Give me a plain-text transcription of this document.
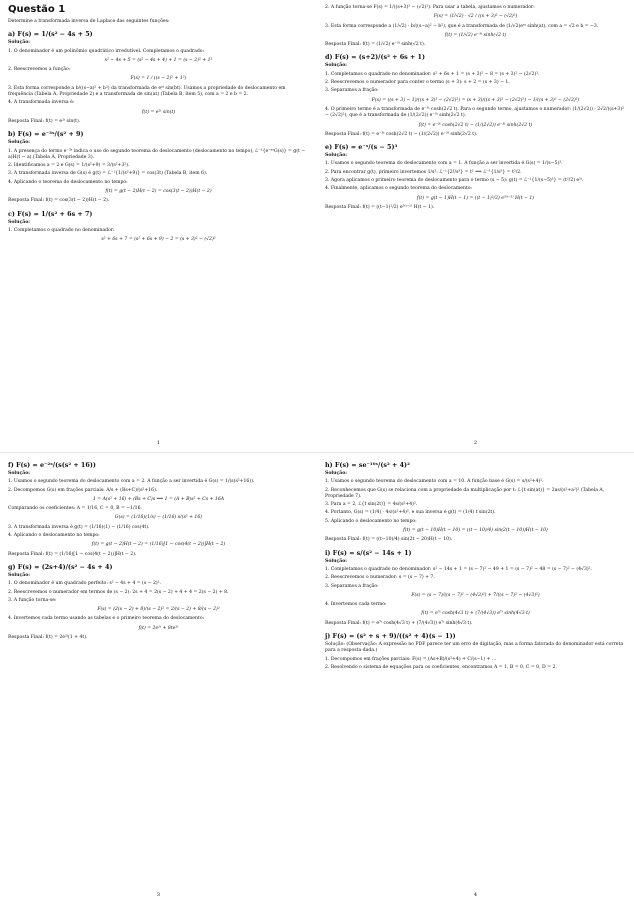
Questão 1
Determine a transformada inversa de Laplace das seguintes funções:
a) F(s) = 1/(s² − 4s + 5)
Solução:
1. O denominador é um polinômio quadrático irredutível. Completamos o quadrado:
s² − 4s + 5 = (s² − 4s + 4) + 1 = (s − 2)² + 1²
2. Reescrevemos a função:
F(s) = 1 / ((s − 2)² + 1²)
3. Esta forma corresponde a b/((s−a)² + b²) da transformada de eᵃᵗ sin(bt). Usamos a propriedade do deslocamento em frequência (Tabela A, Propriedade 2) e a transformada de sin(at) (Tabela B, item 5), com a = 2 e b = 2.
4. A transformada inversa é:
f(t) = e²ᵗ sin(t)
Resposta Final: f(t) = e²ᵗ sin(t).
b) F(s) = e⁻³ˢ/(s² + 9)
Solução:
1. A presença do termo e⁻³ˢ indica o uso do segundo teorema do deslocamento (deslocamento no tempo), ℒ⁻¹{e⁻ᵃˢG(s)} = g(t − a)H(t − a) (Tabela A, Propriedade 3).
2. Identificamos a = 2 e G(s) = 1/(s²+9) = 3/(s²+3²).
3. A transformada inversa de G(s) é g(t) = ℒ⁻¹{1/(s²+9)} = cos(3t) (Tabela B, item 6).
4. Aplicando o teorema do deslocamento no tempo:
f(t) = g(t − 2)H(t − 2) = cos(3(t − 2))H(t − 2)
Resposta Final: f(t) = cos(3(t − 2))H(t − 2).
c) F(s) = 1/(s² + 6s + 7)
Solução:
1. Completamos o quadrado no denominador:
s² + 6s + 7 = (s² + 6s + 9) − 2 = (s + 3)² − (√2)²
1
2. A função torna-se F(s) = 1/((s+3)² − (√2)²). Para usar a tabela, ajustamos o numerador:
F(s) = (1/√2) · √2 / ((s + 3)² − (√2)²)
3. Esta forma corresponde a (1/√2) · b/((s−a)² − b²), que é a transformada de (1/√2)eᵃᵗ sinh(at), com a = √2 e b = −3.
f(t) = (1/√2) e⁻³ᵗ sinh(√2 t)
Resposta Final: f(t) = (1/√2) e⁻³ᵗ sinh(√2 t).
d) F(s) = (s+2)/(s² + 6s + 1)
Solução:
1. Completamos o quadrado no denominador: s² + 6s + 1 = (s + 3)² − 8 = (s + 3)² − (2√2)².
2. Reescrevemos o numerador para conter o termo (s + 3): s + 2 = (s + 3) − 1.
3. Separamos a fração:
F(s) = ((s + 3) − 1)/((s + 3)² − (2√2)²) = (s + 3)/((s + 3)² − (2√2)²) − 1/((s + 3)² − (2√2)²)
4. O primeiro termo é a transformada de e⁻³ᵗ cosh(2√2 t). Para o segundo termo, ajustamos o numerador: (1/(2√2)) · 2√2/((s+3)² − (2√2)²), que é a transformada de (1/(2√2)) e⁻³ᵗ sinh(2√2 t).
f(t) = e⁻³ᵗ cosh(2√2 t) − (1/(2√2)) e⁻³ᵗ sinh(2√2 t)
Resposta Final: f(t) = e⁻³ᵗ cosh(2√2 t) − (1/(2√2)) e⁻³ᵗ sinh(2√2 t).
e) F(s) = e⁻ˢ/(s − 5)³
Solução:
1. Usamos o segundo teorema do deslocamento com a = 1. A função a ser invertida é G(s) = 1/(s−5)³.
2. Para encontrar g(t), primeiro invertemos 1/s³: ℒ⁻¹{2!/s³} = t² ⟹ ℒ⁻¹{1/s³} = t²/2.
3. Agora aplicamos o primeiro teorema do deslocamento para o termo (s − 5): g(t) = ℒ⁻¹{1/(s−5)³} = (t²/2) e⁵ᵗ.
4. Finalmente, aplicamos o segundo teorema do deslocamento:
f(t) = g(t − 1)H(t − 1) = ((t − 1)²/2) e⁵⁽ᵗ⁻¹⁾ H(t − 1)
Resposta Final: f(t) = ((t−1)²/2) e⁵⁽ᵗ⁻¹⁾ H(t − 1).
2
f) F(s) = e⁻²ˢ/(s(s² + 16))
Solução:
1. Usamos o segundo teorema do deslocamento com a = 2. A função a ser invertida é G(s) = 1/(s(s²+16)).
2. Decompomos G(s) em frações parciais: A/s + (Bs+C)/(s²+16).
1 = A(s² + 16) + (Bs + C)s ⟹ 1 = (A + B)s² + Cs + 16A
Comparando os coeficientes: A = 1/16, C = 0, B = −1/16.
G(s) = (1/16)(1/s) − (1/16) s/(s² + 16)
3. A transformada inversa é g(t) = (1/16)(1) − (1/16) cos(4t).
4. Aplicando o deslocamento no tempo:
f(t) = g(t − 2)H(t − 2) = (1/16)[1 − cos(4(t − 2))]H(t − 2)
Resposta Final: f(t) = (1/16)[1 − cos(4(t − 2))]H(t − 2).
g) F(s) = (2s+4)/(s² − 4s + 4)
Solução:
1. O denominador é um quadrado perfeito: s² − 4s + 4 = (s − 2)².
2. Reescrevemos o numerador em termos de (s − 2): 2s + 4 = 2(s − 2) + 4 + 4 = 2(s − 2) + 8.
3. A função torna-se:
F(s) = (2(s − 2) + 8)/(s − 2)² = 2/(s − 2) + 8/(s − 2)²
4. Invertemos cada termo usando as tabelas e o primeiro teorema do deslocamento:
f(t) = 2e²ᵗ + 8te²ᵗ
Resposta Final: f(t) = 2e²ᵗ(1 + 4t).
3
h) F(s) = se⁻¹⁰ˢ/(s² + 4)²
Solução:
1. Usamos o segundo teorema do deslocamento com a = 10. A função base é G(s) = s/(s²+4)².
2. Reconhecemos que G(s) se relaciona com a propriedade da multiplicação por t: ℒ{t sin(at)} = 2as/(s²+a²)² (Tabela A, Propriedade 7).
3. Para a = 2, ℒ{t sin(2t)} = 4s/(s²+4)².
4. Portanto, G(s) = (1/4) · 4s/(s²+4)², e sua inversa é g(t) = (1/4) t sin(2t).
5. Aplicando o deslocamento no tempo:
f(t) = g(t − 10)H(t − 10) = ((t − 10)/4) sin(2(t − 10))H(t − 10)
Resposta Final: f(t) = ((t−10)/4) sin(2t − 20)H(t − 10).
i) F(s) = s/(s² − 14s + 1)
Solução:
1. Completamos o quadrado no denominador: s² − 14s + 1 = (s − 7)² − 49 + 1 = (s − 7)² − 48 = (s − 7)² − (4√3)².
2. Reescrevemos o numerador: s = (s − 7) + 7.
3. Separamos a fração:
F(s) = (s − 7)/((s − 7)² − (4√3)²) + 7/((s − 7)² − (4√3)²)
4. Invertemos cada termo:
f(t) = e⁷ᵗ cosh(4√3 t) + (7/(4√3)) e⁷ᵗ sinh(4√3 t)
Resposta Final: f(t) = e⁷ᵗ cosh(4√3 t) + (7/(4√3)) e⁷ᵗ sinh(4√3 t).
j) F(s) = (s² + s + 9)/((s² + 4)(s − 1))
Solução: (Observação: A expressão no PDF parece ter um erro de digitação, mas a forma fatorada do denominador está correta para a resposta dada.)
1. Decompomos em frações parciais: F(s) = (As+B)/(s²+4) + C/(s−1) + ...
2. Resolvendo o sistema de equações para os coeficientes, encontramos A = 1, B = 0, C = 0, D = 2.
4
